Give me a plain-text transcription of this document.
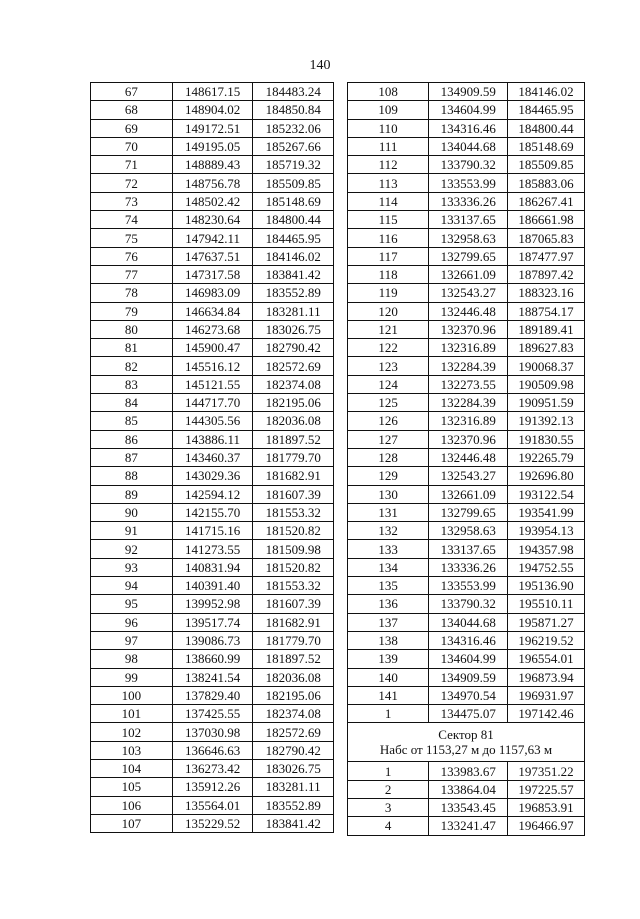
140
67	148617.15	184483.24
68	148904.02	184850.84
69	149172.51	185232.06
70	149195.05	185267.66
71	148889.43	185719.32
72	148756.78	185509.85
73	148502.42	185148.69
74	148230.64	184800.44
75	147942.11	184465.95
76	147637.51	184146.02
77	147317.58	183841.42
78	146983.09	183552.89
79	146634.84	183281.11
80	146273.68	183026.75
81	145900.47	182790.42
82	145516.12	182572.69
83	145121.55	182374.08
84	144717.70	182195.06
85	144305.56	182036.08
86	143886.11	181897.52
87	143460.37	181779.70
88	143029.36	181682.91
89	142594.12	181607.39
90	142155.70	181553.32
91	141715.16	181520.82
92	141273.55	181509.98
93	140831.94	181520.82
94	140391.40	181553.32
95	139952.98	181607.39
96	139517.74	181682.91
97	139086.73	181779.70
98	138660.99	181897.52
99	138241.54	182036.08
100	137829.40	182195.06
101	137425.55	182374.08
102	137030.98	182572.69
103	136646.63	182790.42
104	136273.42	183026.75
105	135912.26	183281.11
106	135564.01	183552.89
107	135229.52	183841.42
108	134909.59	184146.02
109	134604.99	184465.95
110	134316.46	184800.44
111	134044.68	185148.69
112	133790.32	185509.85
113	133553.99	185883.06
114	133336.26	186267.41
115	133137.65	186661.98
116	132958.63	187065.83
117	132799.65	187477.97
118	132661.09	187897.42
119	132543.27	188323.16
120	132446.48	188754.17
121	132370.96	189189.41
122	132316.89	189627.83
123	132284.39	190068.37
124	132273.55	190509.98
125	132284.39	190951.59
126	132316.89	191392.13
127	132370.96	191830.55
128	132446.48	192265.79
129	132543.27	192696.80
130	132661.09	193122.54
131	132799.65	193541.99
132	132958.63	193954.13
133	133137.65	194357.98
134	133336.26	194752.55
135	133553.99	195136.90
136	133790.32	195510.11
137	134044.68	195871.27
138	134316.46	196219.52
139	134604.99	196554.01
140	134909.59	196873.94
141	134970.54	196931.97
1	134475.07	197142.46

Сектор 81
Набс от 1153,27 м до 1157,63 м		

1	133983.67	197351.22
2	133864.04	197225.57
3	133543.45	196853.91
4	133241.47	196466.97
